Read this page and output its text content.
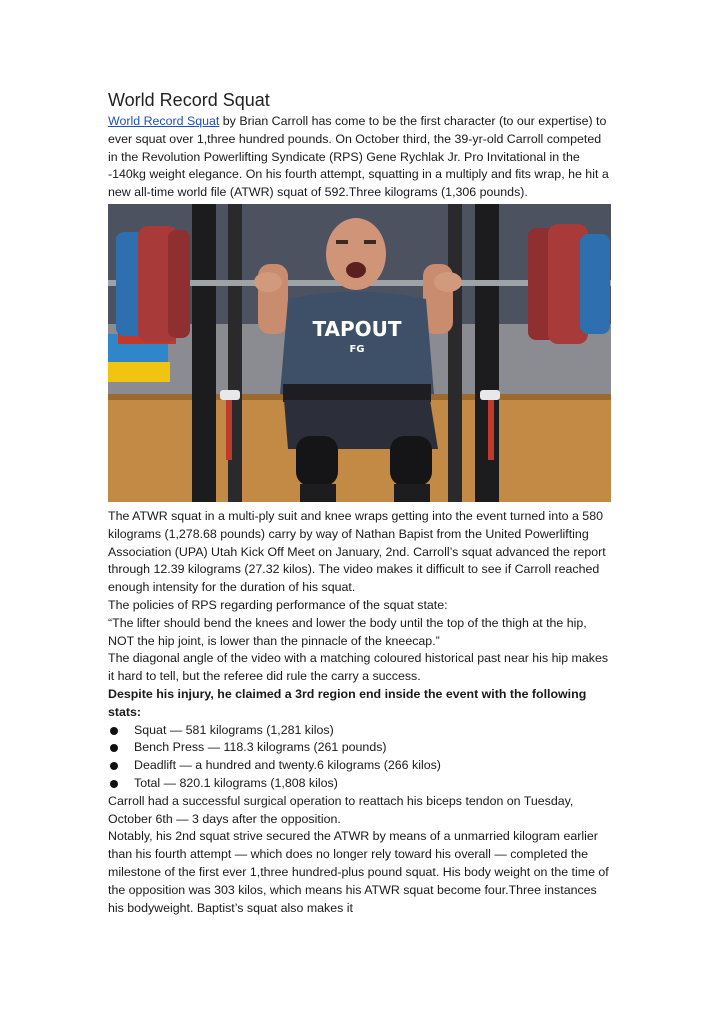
World Record Squat

World Record Squat by Brian Carroll has come to be the first character (to our expertise) to ever squat over 1,three hundred pounds. On October third, the 39-yr-old Carroll competed in the Revolution Powerlifting Syndicate (RPS) Gene Rychlak Jr. Pro Invitational in the -140kg weight elegance. On his fourth attempt, squatting in a multiply and fits wrap, he hit a new all-time world file (ATWR) squat of 592.Three kilograms (1,306 pounds).

TAPOUT
FG

The ATWR squat in a multi-ply suit and knee wraps getting into the event turned into a 580 kilograms (1,278.68 pounds) carry by way of Nathan Bapist from the United Powerlifting Association (UPA) Utah Kick Off Meet on January, 2nd. Carroll’s squat advanced the report through 12.39 kilograms (27.32 kilos). The video makes it difficult to see if Carroll reached enough intensity for the duration of his squat.

The policies of RPS regarding performance of the squat state:

“The lifter should bend the knees and lower the body until the top of the thigh at the hip, NOT the hip joint, is lower than the pinnacle of the kneecap.”

The diagonal angle of the video with a matching coloured historical past near his hip makes it hard to tell, but the referee did rule the carry a success.

Despite his injury, he claimed a 3rd region end inside the event with the following stats:

Squat — 581 kilograms (1,281 kilos)
Bench Press — 118.3 kilograms (261 pounds)
Deadlift — a hundred and twenty.6 kilograms (266 kilos)
Total — 820.1 kilograms (1,808 kilos)

Carroll had a successful surgical operation to reattach his biceps tendon on Tuesday, October 6th — 3 days after the opposition.

Notably, his 2nd squat strive secured the ATWR by means of a unmarried kilogram earlier than his fourth attempt — which does no longer rely toward his overall — completed the milestone of the first ever 1,three hundred-plus pound squat. His body weight on the time of the opposition was 303 kilos, which means his ATWR squat become four.Three instances his bodyweight. Baptist’s squat also makes it
